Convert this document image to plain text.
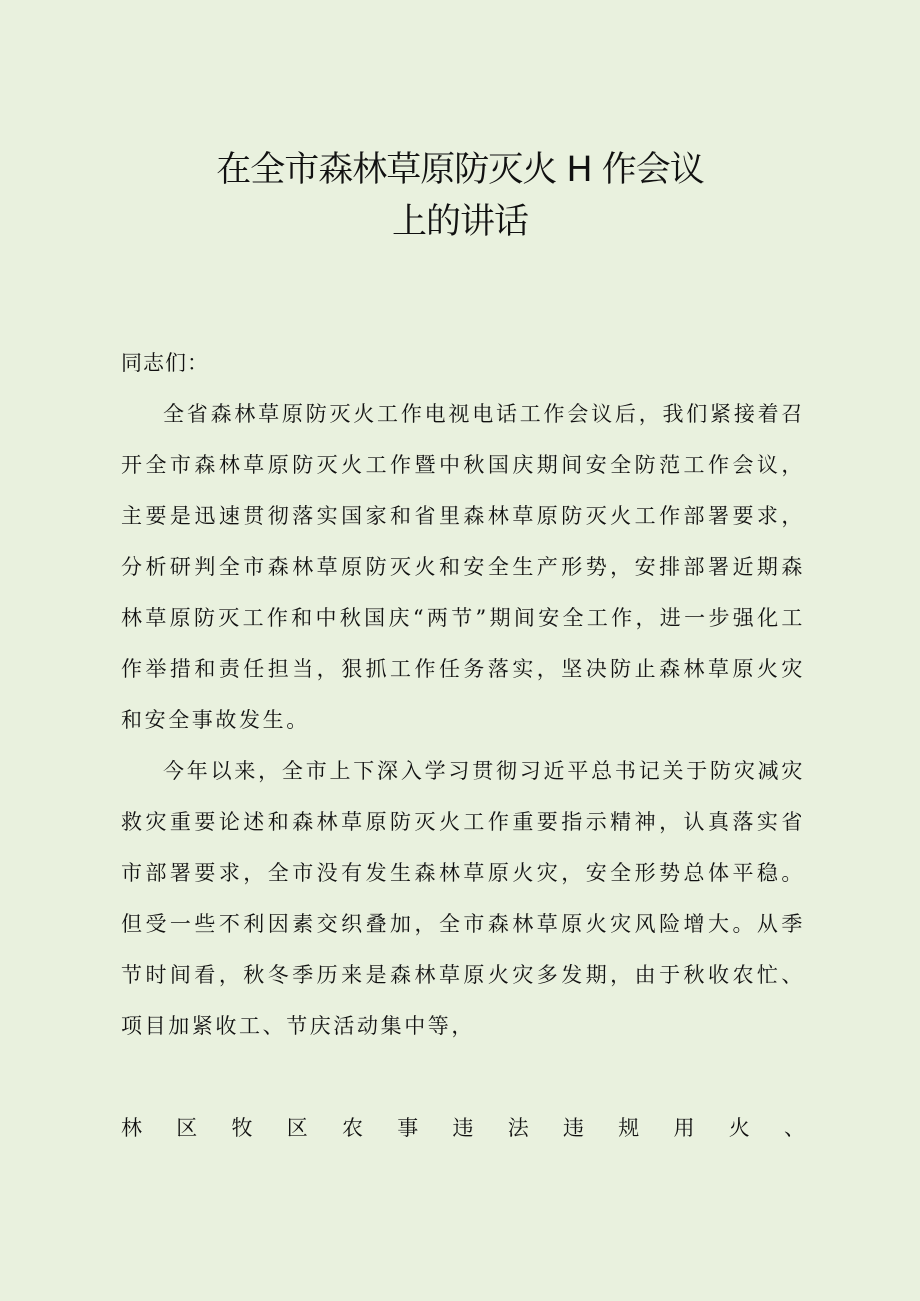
在全市森林草原防灭火 H 作会议
上的讲话
同志们：

全省森林草原防灭火工作电视电话工作会议后，我们紧接着召开全市森林草原防灭火工作暨中秋国庆期间安全防范工作会议，主要是迅速贯彻落实国家和省里森林草原防灭火工作部署要求，分析研判全市森林草原防灭火和安全生产形势，安排部署近期森林草原防灭工作和中秋国庆“两节”期间安全工作，进一步强化工作举措和责任担当，狠抓工作任务落实，坚决防止森林草原火灾和安全事故发生。

今年以来，全市上下深入学习贯彻习近平总书记关于防灾减灾救灾重要论述和森林草原防灭火工作重要指示精神，认真落实省市部署要求，全市没有发生森林草原火灾，安全形势总体平稳。但受一些不利因素交织叠加，全市森林草原火灾风险增大。从季节时间看，秋冬季历来是森林草原火灾多发期，由于秋收农忙、项目加紧收工、节庆活动集中等，

林 区 牧 区 农 事 违 法 违 规 用 火 、
